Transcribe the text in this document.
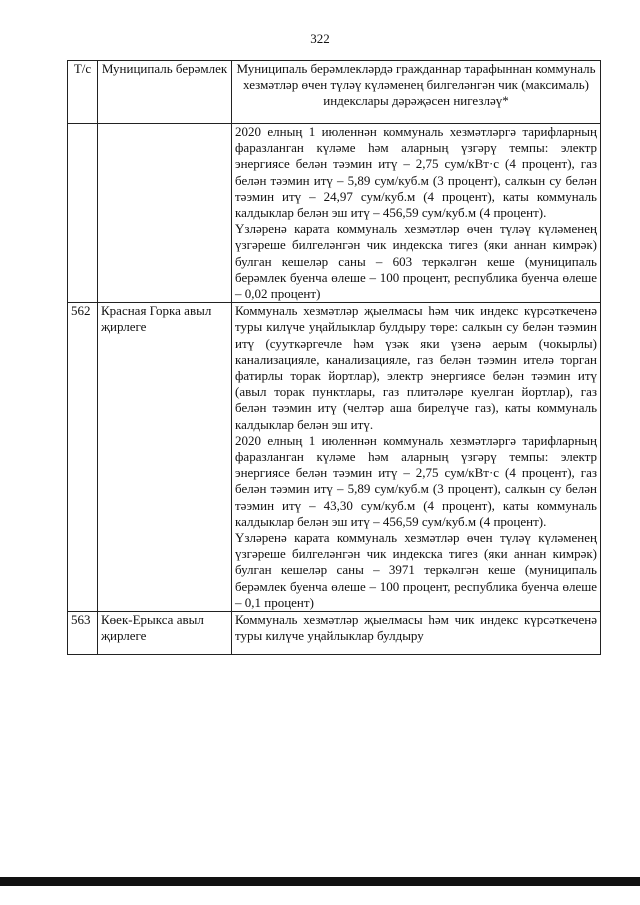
322
Т/с	Муниципаль берәмлек	Муниципаль берәмлекләрдә гражданнар тарафыннан коммуналь хезмәтләр өчен түләү күләменең билгеләнгән чик (максималь) индекслары дәрәҗәсен нигезләү*

		2020 елның 1 июленнән коммуналь хезмәтләргә тарифларның фаразланган күләме һәм аларның үзгәрү темпы: электр энергиясе белән тәэмин итү – 2,75 сум/кВт·с (4 процент), газ белән тәэмин итү – 5,89 сум/куб.м (3 процент), салкын су белән тәэмин итү – 24,97 сум/куб.м (4 процент), каты коммуналь калдыклар белән эш итү – 456,59 сум/куб.м (4 процент).

Үзләренә карата коммуналь хезмәтләр өчен түләү күләменең үзгәреше билгеләнгән чик индекска тигез (яки аннан кимрәк) булган кешеләр саны – 603 теркәлгән кеше (муниципаль берәмлек буенча өлеше – 100 процент, республика буенча өлеше – 0,02 процент)

562	Красная Горка авыл җирлеге	Коммуналь хезмәтләр җыелмасы һәм чик индекс күрсәткеченә туры килүче уңайлыклар булдыру төре: салкын су белән тәэмин итү (сууткәргечле һәм үзәк яки үзенә аерым (чокырлы) канализацияле, канализацияле, газ белән тәэмин ителә торган фатирлы торак йортлар), электр энергиясе белән тәэмин итү (авыл торак пунктлары, газ плитәләре куелган йортлар), газ белән тәэмин итү (челтәр аша бирелүче газ), каты коммуналь калдыклар белән эш итү.

2020 елның 1 июленнән коммуналь хезмәтләргә тарифларның фаразланган күләме һәм аларның үзгәрү темпы: электр энергиясе белән тәэмин итү – 2,75 сум/кВт·с (4 процент), газ белән тәэмин итү – 5,89 сум/куб.м (3 процент), салкын су белән тәэмин итү – 43,30 сум/куб.м (4 процент), каты коммуналь калдыклар белән эш итү – 456,59 сум/куб.м (4 процент).

Үзләренә карата коммуналь хезмәтләр өчен түләү күләменең үзгәреше билгеләнгән чик индекска тигез (яки аннан кимрәк) булган кешеләр саны – 3971 теркәлгән кеше (муниципаль берәмлек буенча өлеше – 100 процент, республика буенча өлеше – 0,1 процент)

563	Көек-Ерыкса авыл җирлеге	Коммуналь хезмәтләр җыелмасы һәм чик индекс күрсәткеченә туры килүче уңайлыклар булдыру
